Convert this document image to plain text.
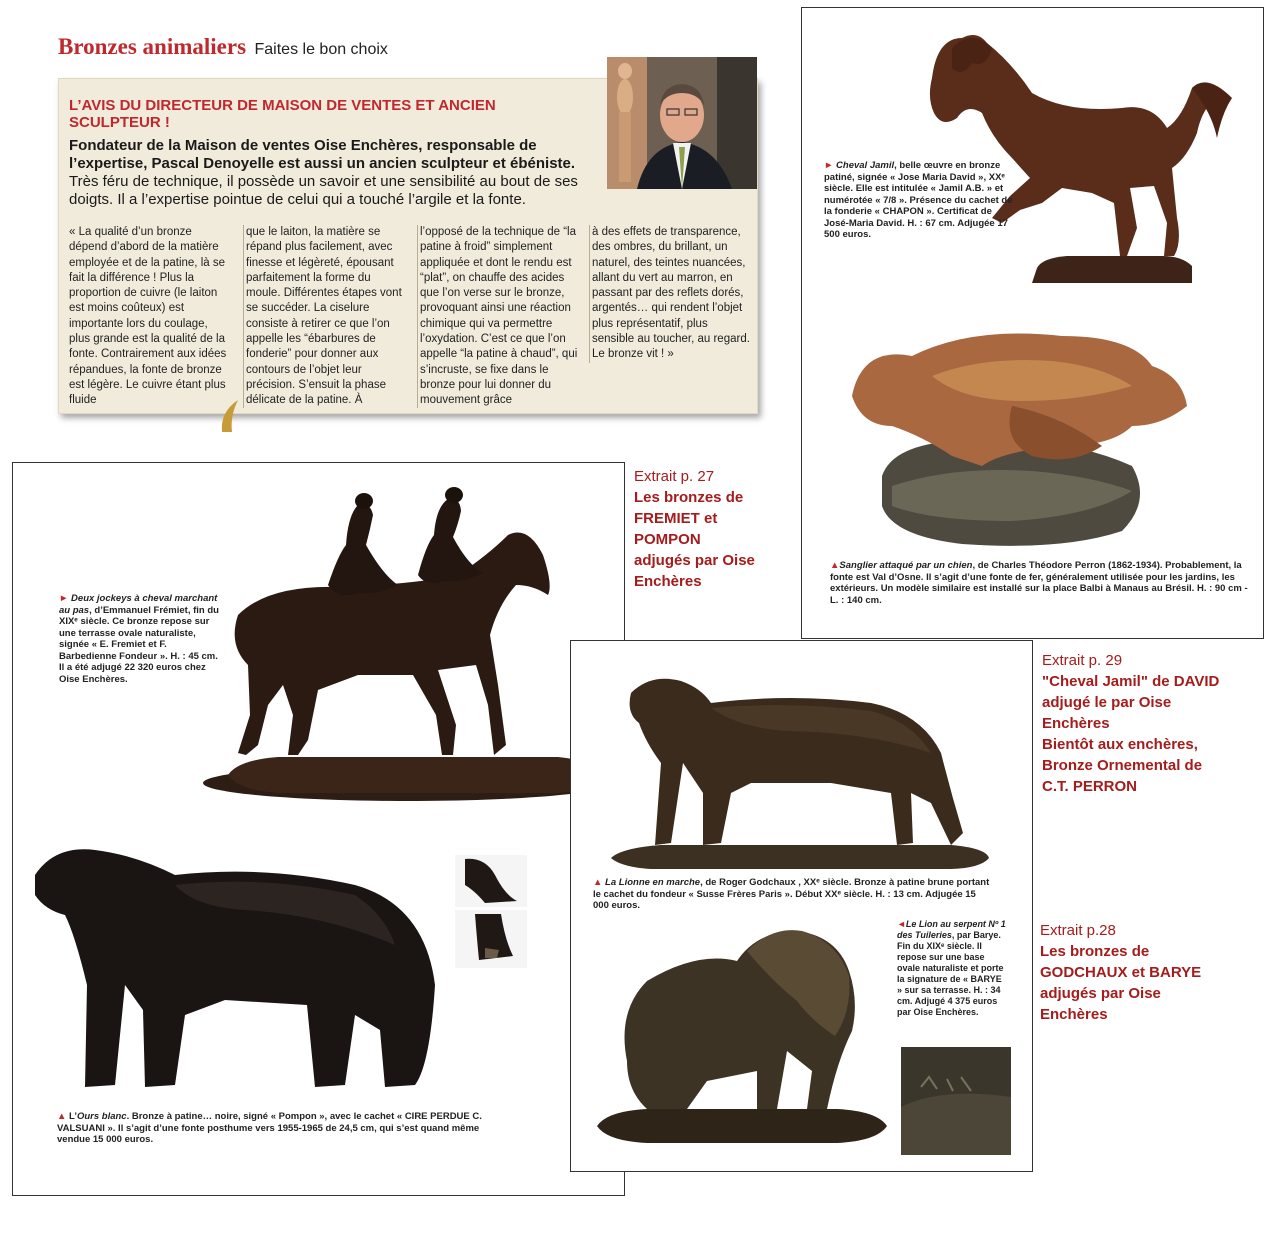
Bronzes animaliers Faites le bon choix
L’AVIS DU DIRECTEUR DE MAISON DE VENTES ET ANCIEN SCULPTEUR !
Fondateur de la Maison de ventes Oise Enchères, responsable de l’expertise, Pascal Denoyelle est aussi un ancien sculpteur et ébéniste.
Très féru de technique, il possède un savoir et une sensibilité au bout de ses doigts. Il a l’expertise pointue de celui qui a touché l’argile et la fonte.
« La qualité d’un bronze dépend d’abord de la matière employée et de la patine, là se fait la différence ! Plus la proportion de cuivre (le laiton est moins coûteux) est importante lors du coulage, plus grande est la qualité de la fonte. Contrairement aux idées répandues, la fonte de bronze est légère. Le cuivre étant plus fluide
que le laiton, la matière se répand plus facilement, avec finesse et légèreté, épousant parfaitement la forme du moule. Différentes étapes vont se succéder. La ciselure consiste à retirer ce que l’on appelle les “ébarbures de fonderie” pour donner aux contours de l’objet leur précision. S’ensuit la phase délicate de la patine. À
l’opposé de la technique de “la patine à froid” simplement appliquée et dont le rendu est “plat”, on chauffe des acides que l’on verse sur le bronze, provoquant ainsi une réaction chimique qui va permettre l’oxydation. C’est ce que l’on appelle “la patine à chaud”, qui s’incruste, se fixe dans le bronze pour lui donner du mouvement grâce
à des effets de transparence, des ombres, du brillant, un naturel, des teintes nuancées, allant du vert au marron, en passant par des reflets dorés, argentés… qui rendent l’objet plus représentatif, plus sensible au toucher, au regard. Le bronze vit ! »
► Cheval Jamil, belle œuvre en bronze patiné, signée « Jose Maria David », XXᵉ siècle. Elle est intitulée « Jamil A.B. » et numérotée « 7/8 ». Présence du cachet de la fonderie « CHAPON ». Certificat de José-Maria David. H. : 67 cm. Adjugée 17 500 euros.
▲Sanglier attaqué par un chien, de Charles Théodore Perron (1862-1934). Probablement, la fonte est Val d’Osne. Il s’agit d’une fonte de fer, généralement utilisée pour les jardins, les extérieurs. Un modèle similaire est installé sur la place Balbi à Manaus au Brésil. H. : 90 cm - L. : 140 cm.
► Deux jockeys à cheval marchant au pas, d’Emmanuel Frémiet, fin du XIXᵉ siècle. Ce bronze repose sur une terrasse ovale naturaliste, signée « E. Fremiet et F. Barbedienne Fondeur ». H. : 45 cm. Il a été adjugé 22 320 euros chez Oise Enchères.
▲ L’Ours blanc. Bronze à patine… noire, signé « Pompon », avec le cachet « CIRE PERDUE C. VALSUANI ». Il s’agit d’une fonte posthume vers 1955-1965 de 24,5 cm, qui s’est quand même vendue 15 000 euros.
▲ La Lionne en marche, de Roger Godchaux , XXᵉ siècle. Bronze à patine brune portant le cachet du fondeur « Susse Frères Paris ». Début XXᵉ siècle. H. : 13 cm. Adjugée 15 000 euros.
◄Le Lion au serpent Nº 1 des Tuileries, par Barye. Fin du XIXᵉ siècle. Il repose sur une base ovale naturaliste et porte la signature de « BARYE » sur sa terrasse. H. : 34 cm. Adjugé 4 375 euros par Oise Enchères.
Extrait p. 27
Les bronzes de
FREMIET et
POMPON
adjugés par Oise
Enchères
Extrait p. 29
"Cheval Jamil" de DAVID
adjugé le par Oise
Enchères
Bientôt aux enchères,
Bronze Ornemental de
C.T. PERRON
Extrait p.28
Les bronzes de
GODCHAUX et BARYE
adjugés par Oise
Enchères
